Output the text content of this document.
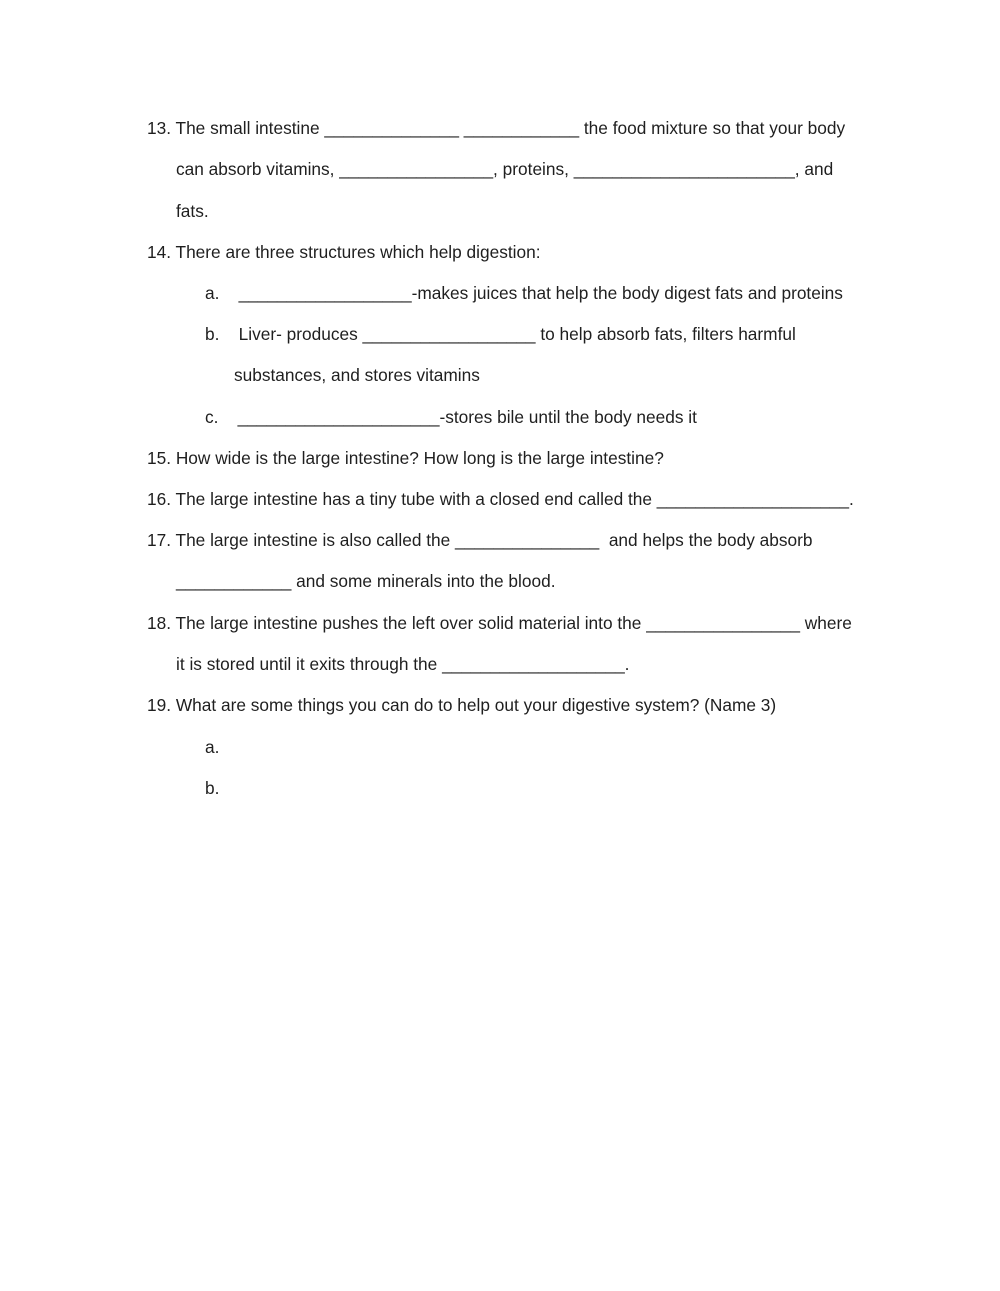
13. The small intestine ______________ ____________ the food mixture so that your body

can absorb vitamins, ________________, proteins, _______________________, and

fats.

14. There are three structures which help digestion:

a.    __________________-makes juices that help the body digest fats and proteins

b.    Liver- produces __________________ to help absorb fats, filters harmful

substances, and stores vitamins

c.    _____________________-stores bile until the body needs it

15. How wide is the large intestine? How long is the large intestine?

16. The large intestine has a tiny tube with a closed end called the ____________________.

17. The large intestine is also called the _______________  and helps the body absorb

____________ and some minerals into the blood.

18. The large intestine pushes the left over solid material into the ________________ where

it is stored until it exits through the ___________________.

19. What are some things you can do to help out your digestive system? (Name 3)

a.

b.
